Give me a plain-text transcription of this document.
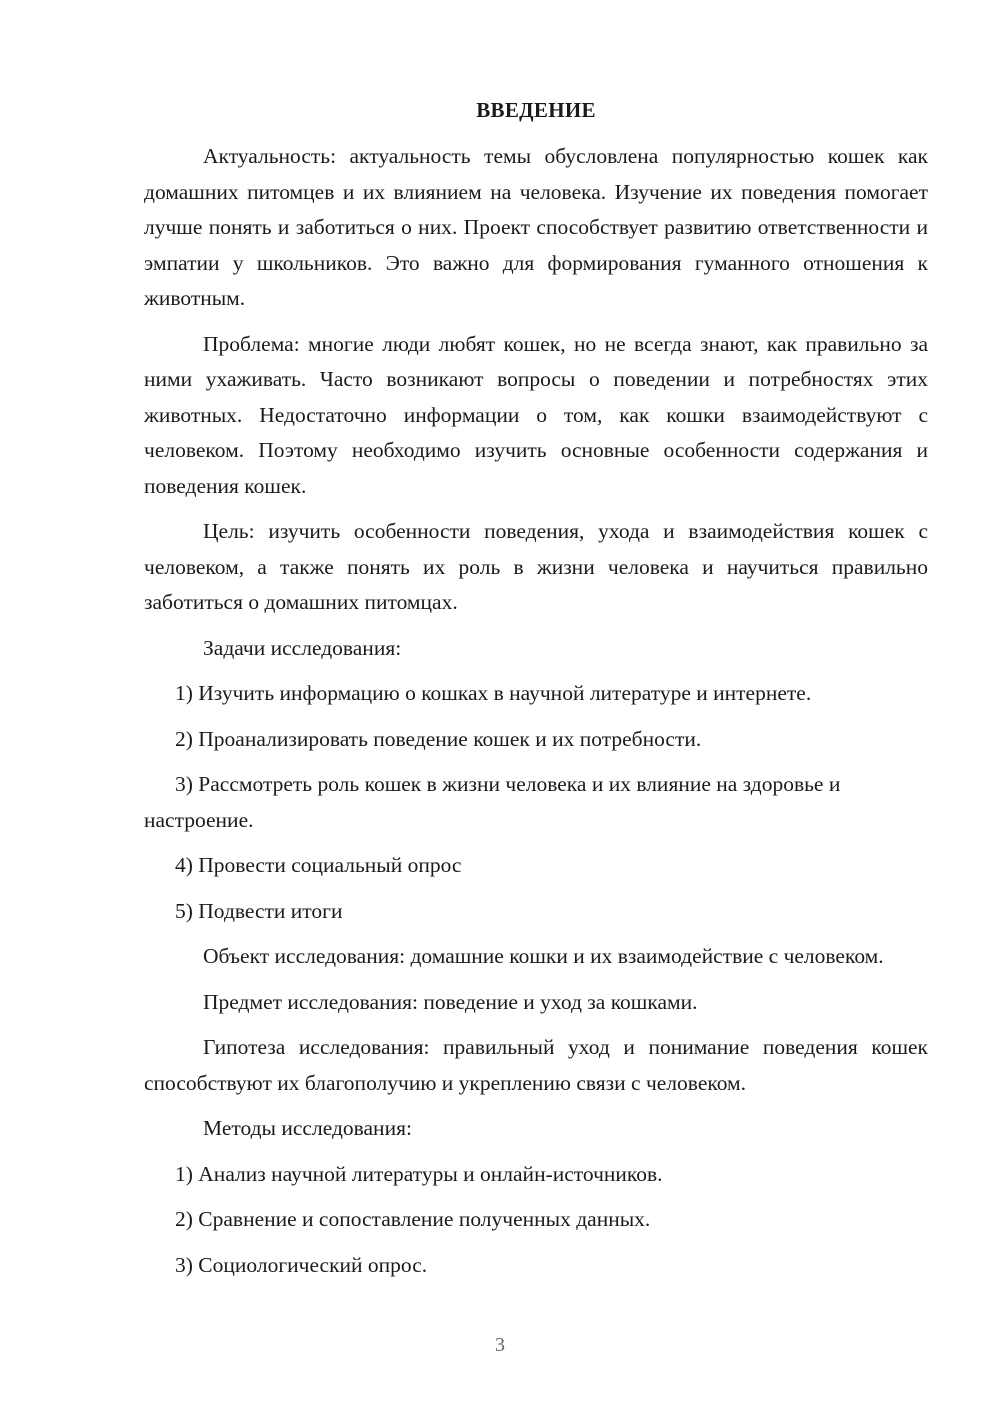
ВВЕДЕНИЕ

Актуальность: актуальность темы обусловлена популярностью кошек как домашних питомцев и их влиянием на человека. Изучение их поведения помогает лучше понять и заботиться о них. Проект способствует развитию ответственности и эмпатии у школьников. Это важно для формирования гуманного отношения к животным.

Проблема: многие люди любят кошек, но не всегда знают, как правильно за ними ухаживать. Часто возникают вопросы о поведении и потребностях этих животных. Недостаточно информации о том, как кошки взаимодействуют с человеком. Поэтому необходимо изучить основные особенности содержания и поведения кошек.

Цель: изучить особенности поведения, ухода и взаимодействия кошек с человеком, а также понять их роль в жизни человека и научиться правильно заботиться о домашних питомцах.

Задачи исследования:

1) Изучить информацию о кошках в научной литературе и интернете.

2) Проанализировать поведение кошек и их потребности.

3) Рассмотреть роль кошек в жизни человека и их влияние на здоровье и настроение.

4) Провести социальный опрос

5) Подвести итоги

Объект исследования: домашние кошки и их взаимодействие с человеком.

Предмет исследования: поведение и уход за кошками.

Гипотеза исследования: правильный уход и понимание поведения кошек способствуют их благополучию и укреплению связи с человеком.

Методы исследования:

1) Анализ научной литературы и онлайн-источников.

2) Сравнение и сопоставление полученных данных.

3) Социологический опрос.

3
